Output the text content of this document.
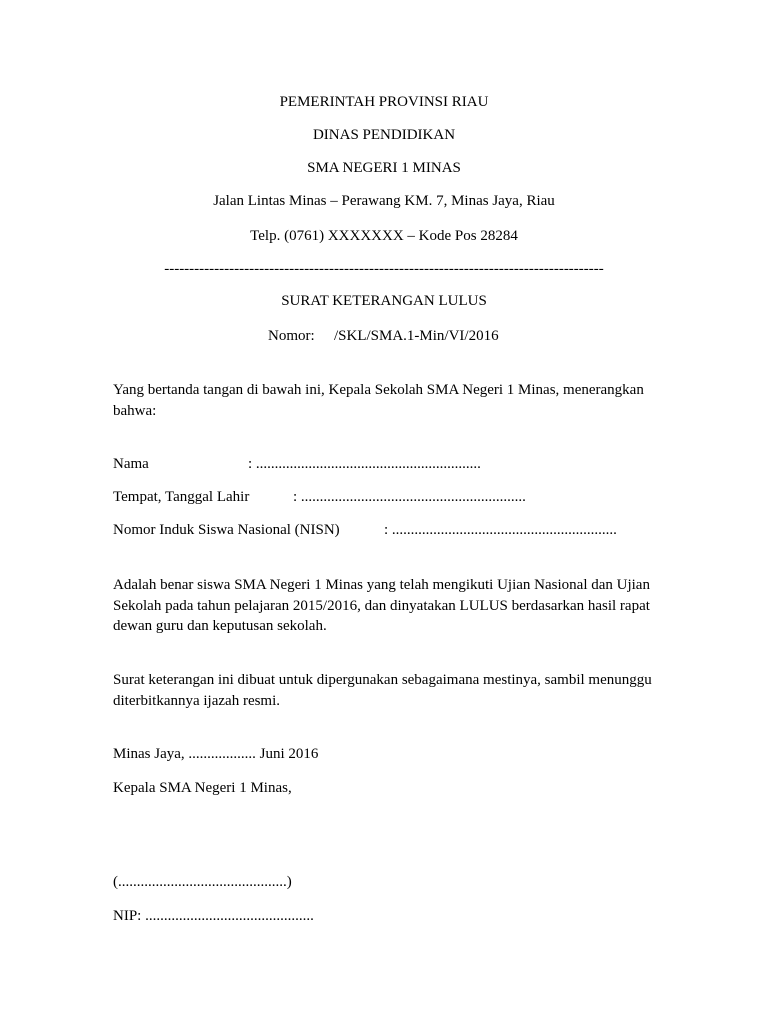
PEMERINTAH PROVINSI RIAU
DINAS PENDIDIKAN
SMA NEGERI 1 MINAS
Jalan Lintas Minas – Perawang KM. 7, Minas Jaya, Riau
Telp. (0761) XXXXXXX – Kode Pos 28284
----------------------------------------------------------------------------------------
SURAT KETERANGAN LULUS
Nomor: /SKL/SMA.1-Min/VI/2016
Yang bertanda tangan di bawah ini, Kepala Sekolah SMA Negeri 1 Minas, menerangkan bahwa:
Nama	: ............................................................
Tempat, Tanggal Lahir	: ............................................................
Nomor Induk Siswa Nasional (NISN)	: ............................................................
Adalah benar siswa SMA Negeri 1 Minas yang telah mengikuti Ujian Nasional dan Ujian Sekolah pada tahun pelajaran 2015/2016, dan dinyatakan LULUS berdasarkan hasil rapat dewan guru dan keputusan sekolah.
Surat keterangan ini dibuat untuk dipergunakan sebagaimana mestinya, sambil menunggu diterbitkannya ijazah resmi.
Minas Jaya, .................. Juni 2016
Kepala SMA Negeri 1 Minas,
(.............................................)
NIP: .............................................
